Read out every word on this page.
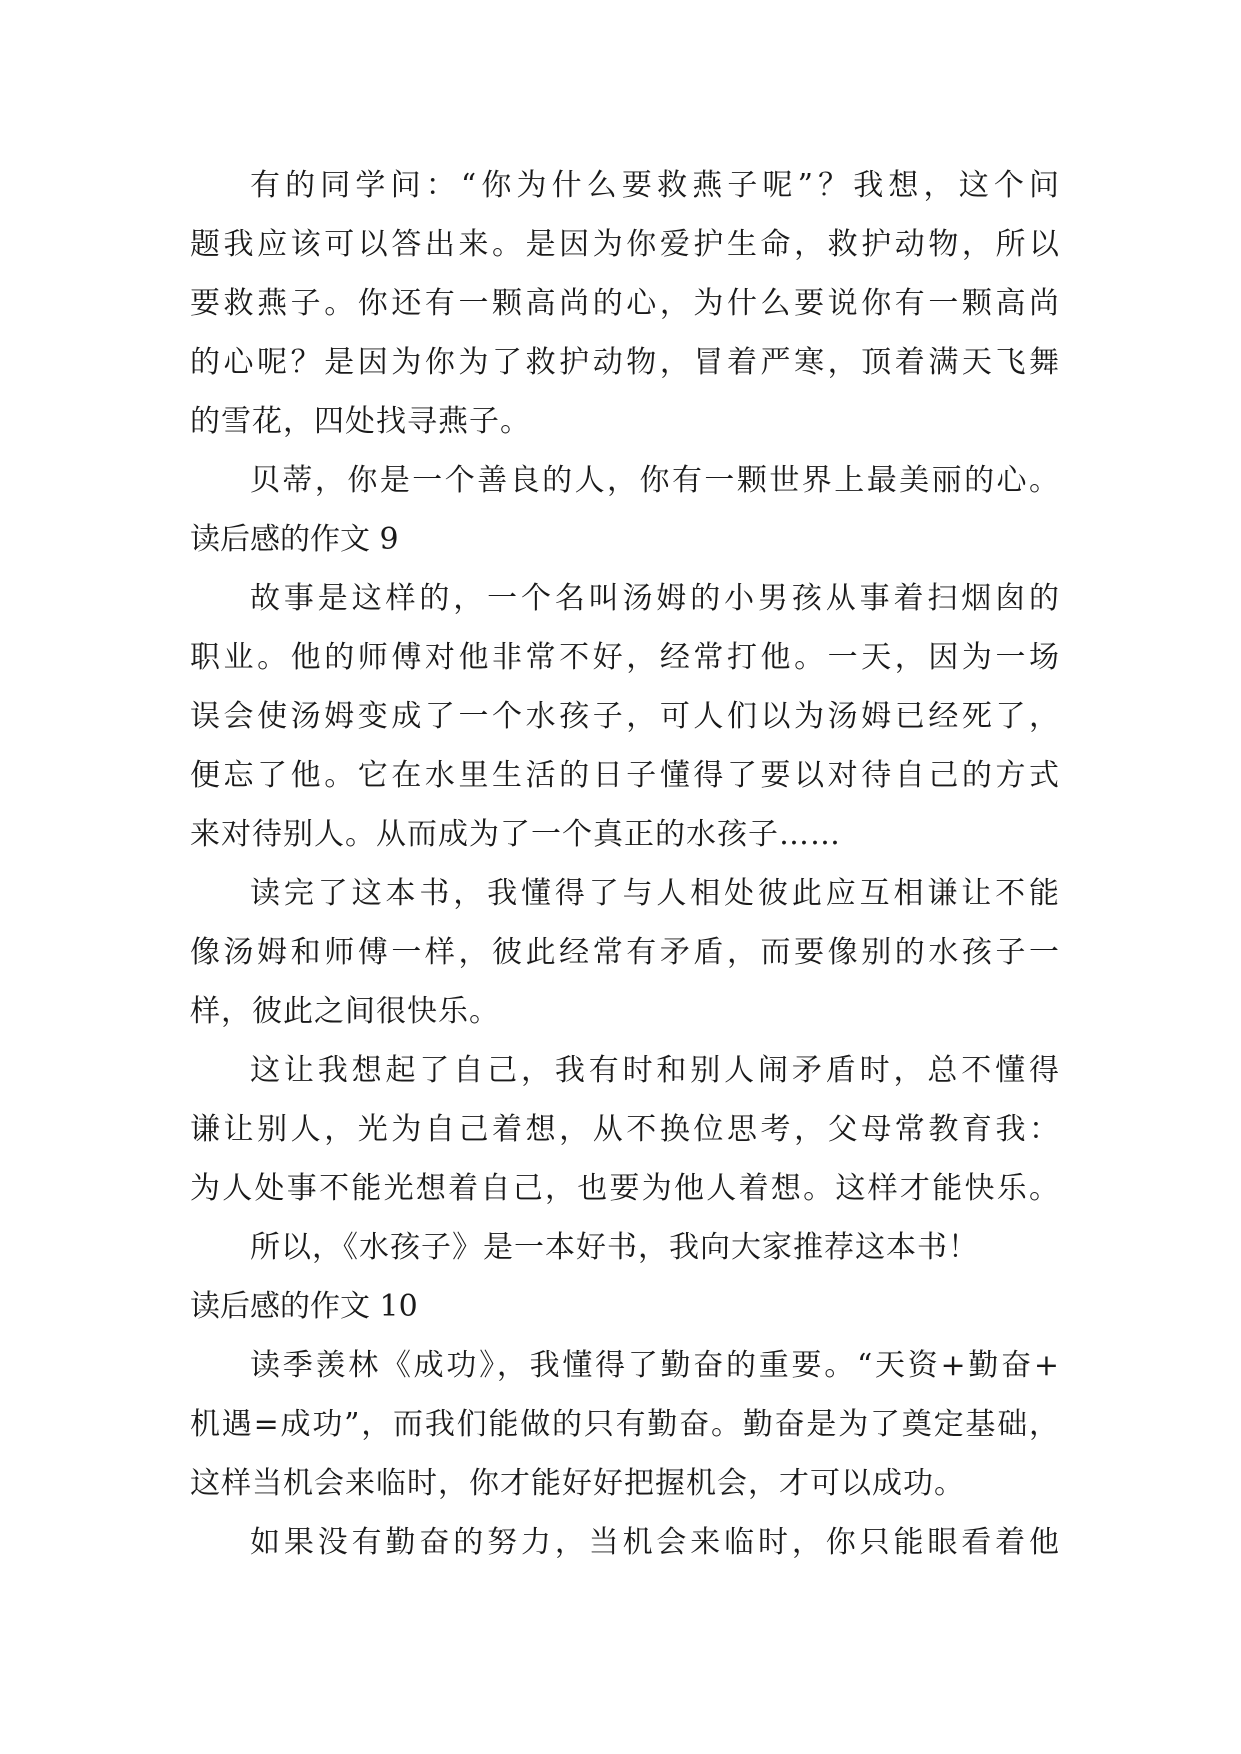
有的同学问：“你为什么要救燕子呢”？我想，这个问
题我应该可以答出来。是因为你爱护生命，救护动物，所以
要救燕子。你还有一颗高尚的心，为什么要说你有一颗高尚
的心呢？是因为你为了救护动物，冒着严寒，顶着满天飞舞
的雪花，四处找寻燕子。
贝蒂，你是一个善良的人，你有一颗世界上最美丽的心。
读后感的作文 9
故事是这样的，一个名叫汤姆的小男孩从事着扫烟囱的
职业。他的师傅对他非常不好，经常打他。一天，因为一场
误会使汤姆变成了一个水孩子，可人们以为汤姆已经死了，
便忘了他。它在水里生活的日子懂得了要以对待自己的方式
来对待别人。从而成为了一个真正的水孩子……
读完了这本书，我懂得了与人相处彼此应互相谦让不能
像汤姆和师傅一样，彼此经常有矛盾，而要像别的水孩子一
样，彼此之间很快乐。
这让我想起了自己，我有时和别人闹矛盾时，总不懂得
谦让别人，光为自己着想，从不换位思考，父母常教育我：
为人处事不能光想着自己，也要为他人着想。这样才能快乐。
所以，《水孩子》是一本好书，我向大家推荐这本书！
读后感的作文 10
读季羡林《成功》，我懂得了勤奋的重要。“天资+勤奋+
机遇=成功”，而我们能做的只有勤奋。勤奋是为了奠定基础，
这样当机会来临时，你才能好好把握机会，才可以成功。
如果没有勤奋的努力，当机会来临时，你只能眼看着他
